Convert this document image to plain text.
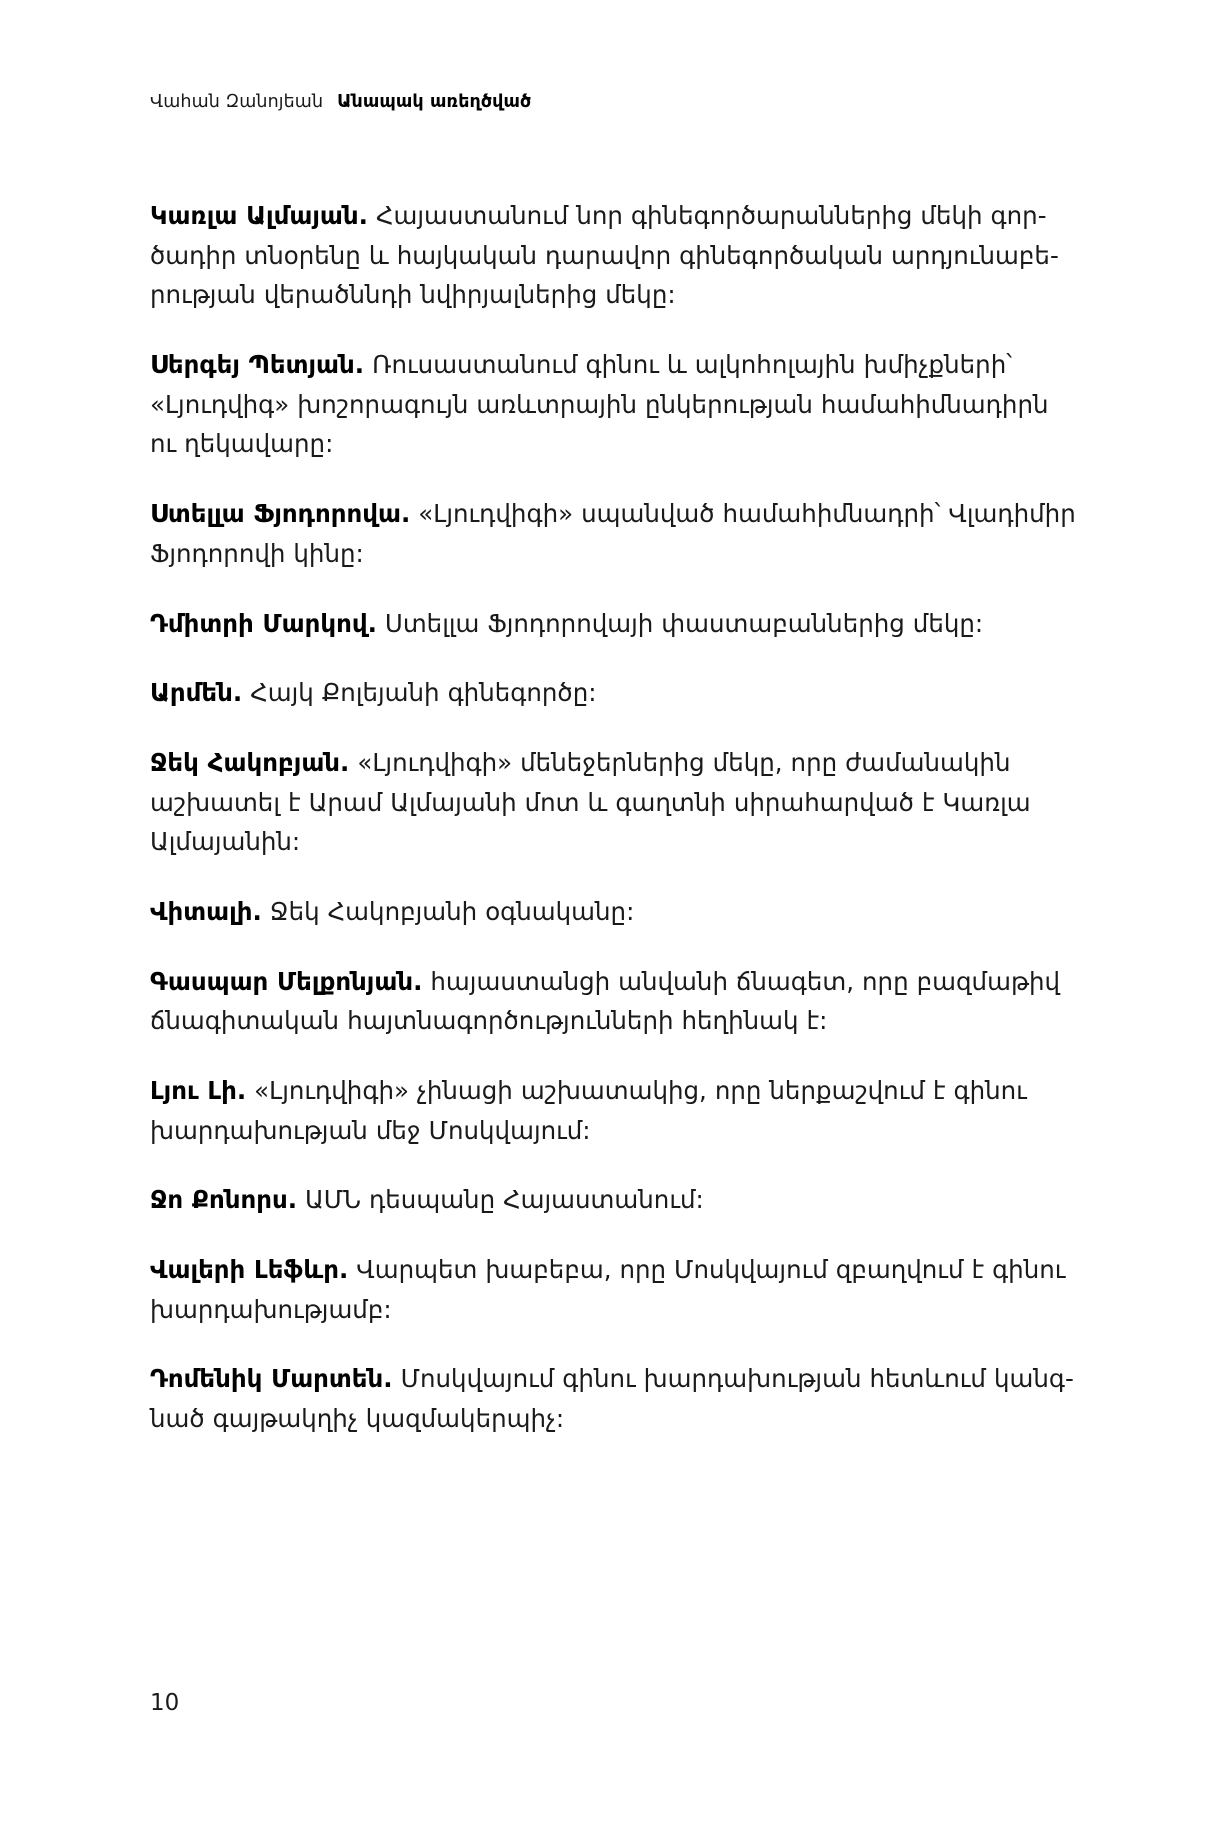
Վահան Զանոյեան Անապակ առեղծված

Կառլա Ալմայան. Հայաստանում նոր գինեգործարաններից մեկի գործադիր տնօրենը և հայկական դարավոր գինեգործական արդյունաբերության վերածննդի նվիրյալներից մեկը:

Սերգեյ Պետյան. Ռուսաստանում գինու և ալկոհոլային խմիչքների՝ «Լյուդվիգ» խոշորագույն առևտրային ընկերության համահիմնադիրն ու ղեկավարը:

Ստելլա Ֆյոդորովա. «Լյուդվիգի» սպանված համահիմնադրի՝ Վլադիմիր Ֆյոդորովի կինը:

Դմիտրի Մարկով. Ստելլա Ֆյոդորովայի փաստաբաններից մեկը:

Արմեն. Հայկ Քոլեյանի գինեգործը:

Ջեկ Հակոբյան. «Լյուդվիգի» մենեջերներից մեկը, որը ժամանակին աշխատել է Արամ Ալմայանի մոտ և գաղտնի սիրահարված է Կառլա Ալմայանին:

Վիտալի. Ջեկ Հակոբյանի օգնականը:

Գասպար Մելքոնյան. հայաստանցի անվանի ճնագետ, որը բազմաթիվ ճնագիտական հայտնագործությունների հեղինակ է:

Լյու Լի. «Լյուդվիգի» չինացի աշխատակից, որը ներքաշվում է գինու խարդախության մեջ Մոսկվայում:

Ջո Քոնորս. ԱՄՆ դեսպանը Հայաստանում:

Վալերի Լեֆևր. Վարպետ խաբեբա, որը Մոսկվայում զբաղվում է գինու խարդախությամբ:

Դոմենիկ Մարտեն. Մոսկվայում գինու խարդախության հետևում կանգնած գայթակղիչ կազմակերպիչ:

10
